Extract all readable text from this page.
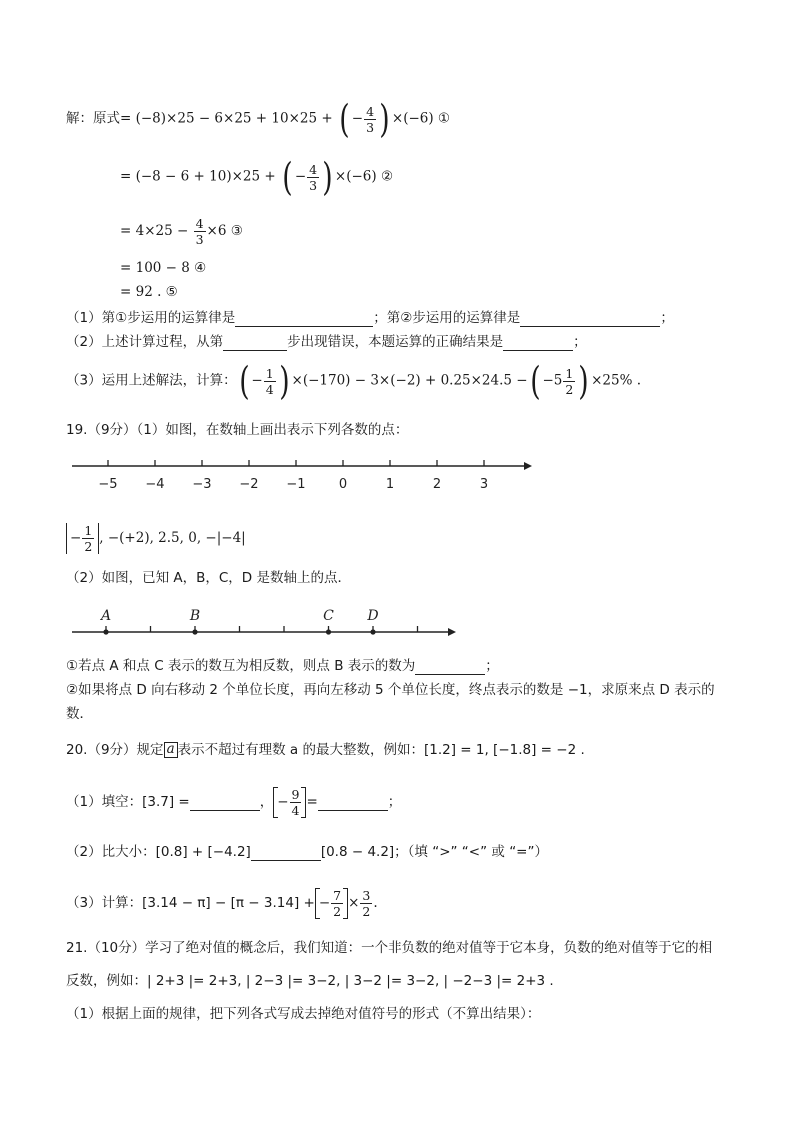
解：原式= (−8)×25 − 6×25 + 10×25 + ( − $\frac{4}{3}$ ) ×(−6) ①
= (−8 − 6 + 10)×25 + ( − $\frac{4}{3}$ ) ×(−6) ②
= $4\times 25 - \frac{4}{3} \times 6$ ③
= 100 − 8 ④
= 92 . ⑤
（1）第①步运用的运算律是	；第②步运用的运算律是	；
（2）上述计算过程，从第	步出现错误，本题运算的正确结果是	；
（3）运用上述解法，计算：( − $\frac{1}{4}$ ) ×(−170) − 3×(−2) + 0.25×24.5 −( $-5 \frac{1}{2}$ ) ×25% .
19.（9分）（1）如图，在数轴上画出表示下列各数的点：
−5 −4 −3 −2 −1	0	1	2	3
− $\frac{1}{2}$ , −(+2), 2.5, 0, −|−4|
（2）如图，已知 A，B，C，D 是数轴上的点．
A	B	C D
①若点 A 和点 C 表示的数互为相反数，则点 B 表示的数为	；
②如果将点 D 向右移动 2 个单位长度，再向左移动 5 个单位长度，终点表示的数是 −1，求原来点 D 表示的
数．
20.（9分）规定 a 表示不超过有理数 a 的最大整数，例如：[1.2] = 1, [−1.8] = −2 .
（1）填空：[3.7] =	， − $\frac{9}{4}$ =	；
（2）比大小：[0.8] + [−4.2]	[0.8 − 4.2]；（填 “>” “<” 或 “=”）
（3）计算：[3.14 − π] − [π − 3.14] + − $\frac{7}{2} \times \frac{3}{2}$ .
21.（10分）学习了绝对值的概念后，我们知道：一个非负数的绝对值等于它本身，负数的绝对值等于它的相
反数，例如：| 2+3 |= 2+3, | 2−3 |= 3−2, | 3−2 |= 3−2, | −2−3 |= 2+3 .
（1）根据上面的规律，把下列各式写成去掉绝对值符号的形式（不算出结果）：
